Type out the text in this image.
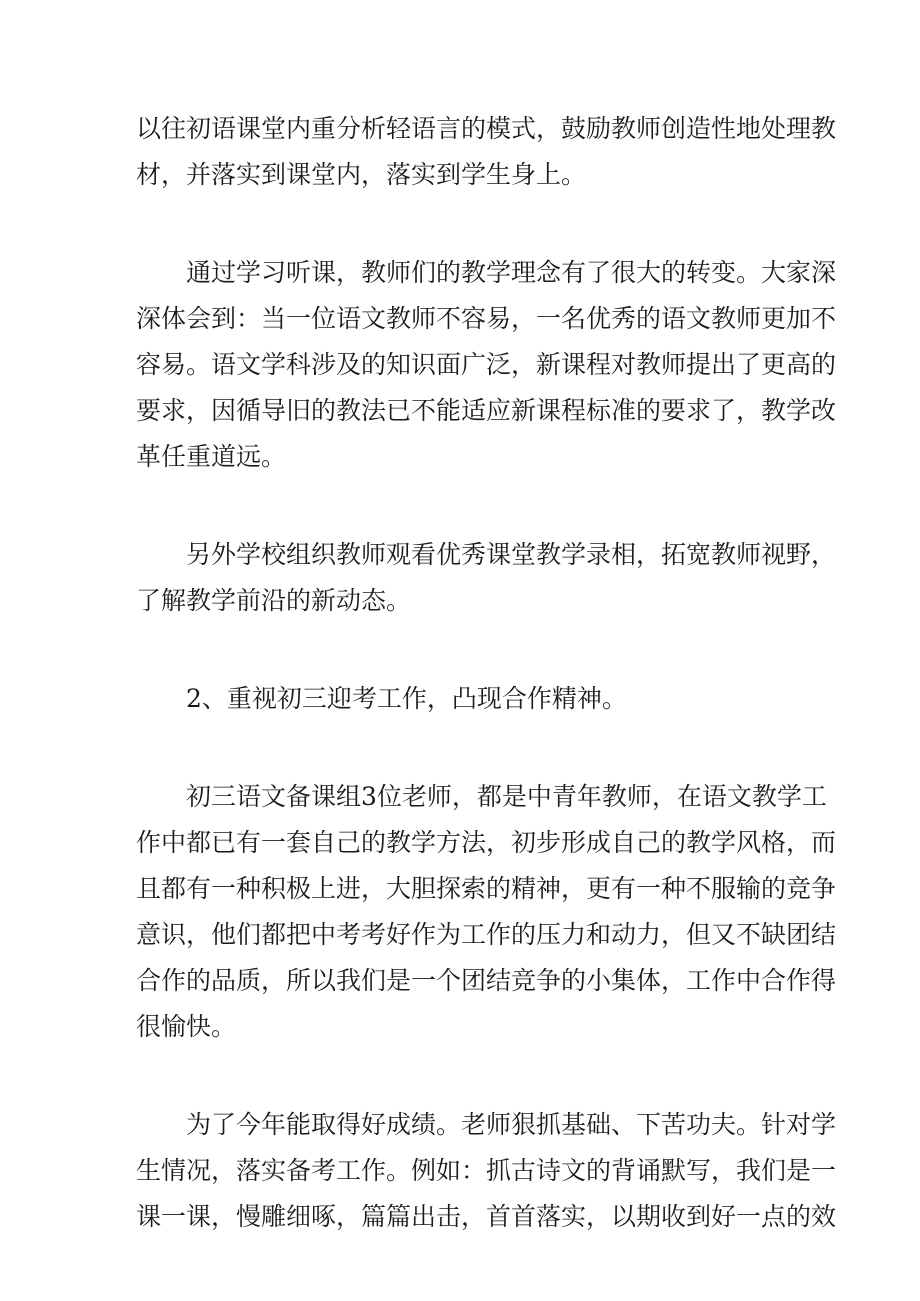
以往初语课堂内重分析轻语言的模式，鼓励教师创造性地处理教
材，并落实到课堂内，落实到学生身上。

通过学习听课，教师们的教学理念有了很大的转变。大家深
深体会到：当一位语文教师不容易，一名优秀的语文教师更加不
容易。语文学科涉及的知识面广泛，新课程对教师提出了更高的
要求，因循导旧的教法已不能适应新课程标准的要求了，教学改
革任重道远。

另外学校组织教师观看优秀课堂教学录相，拓宽教师视野，
了解教学前沿的新动态。

2、重视初三迎考工作，凸现合作精神。

初三语文备课组3位老师，都是中青年教师，在语文教学工
作中都已有一套自己的教学方法，初步形成自己的教学风格，而
且都有一种积极上进，大胆探索的精神，更有一种不服输的竞争
意识，他们都把中考考好作为工作的压力和动力，但又不缺团结
合作的品质，所以我们是一个团结竞争的小集体，工作中合作得
很愉快。

为了今年能取得好成绩。老师狠抓基础、下苦功夫。针对学
生情况，落实备考工作。例如：抓古诗文的背诵默写，我们是一
课一课，慢雕细啄，篇篇出击，首首落实，以期收到好一点的效
